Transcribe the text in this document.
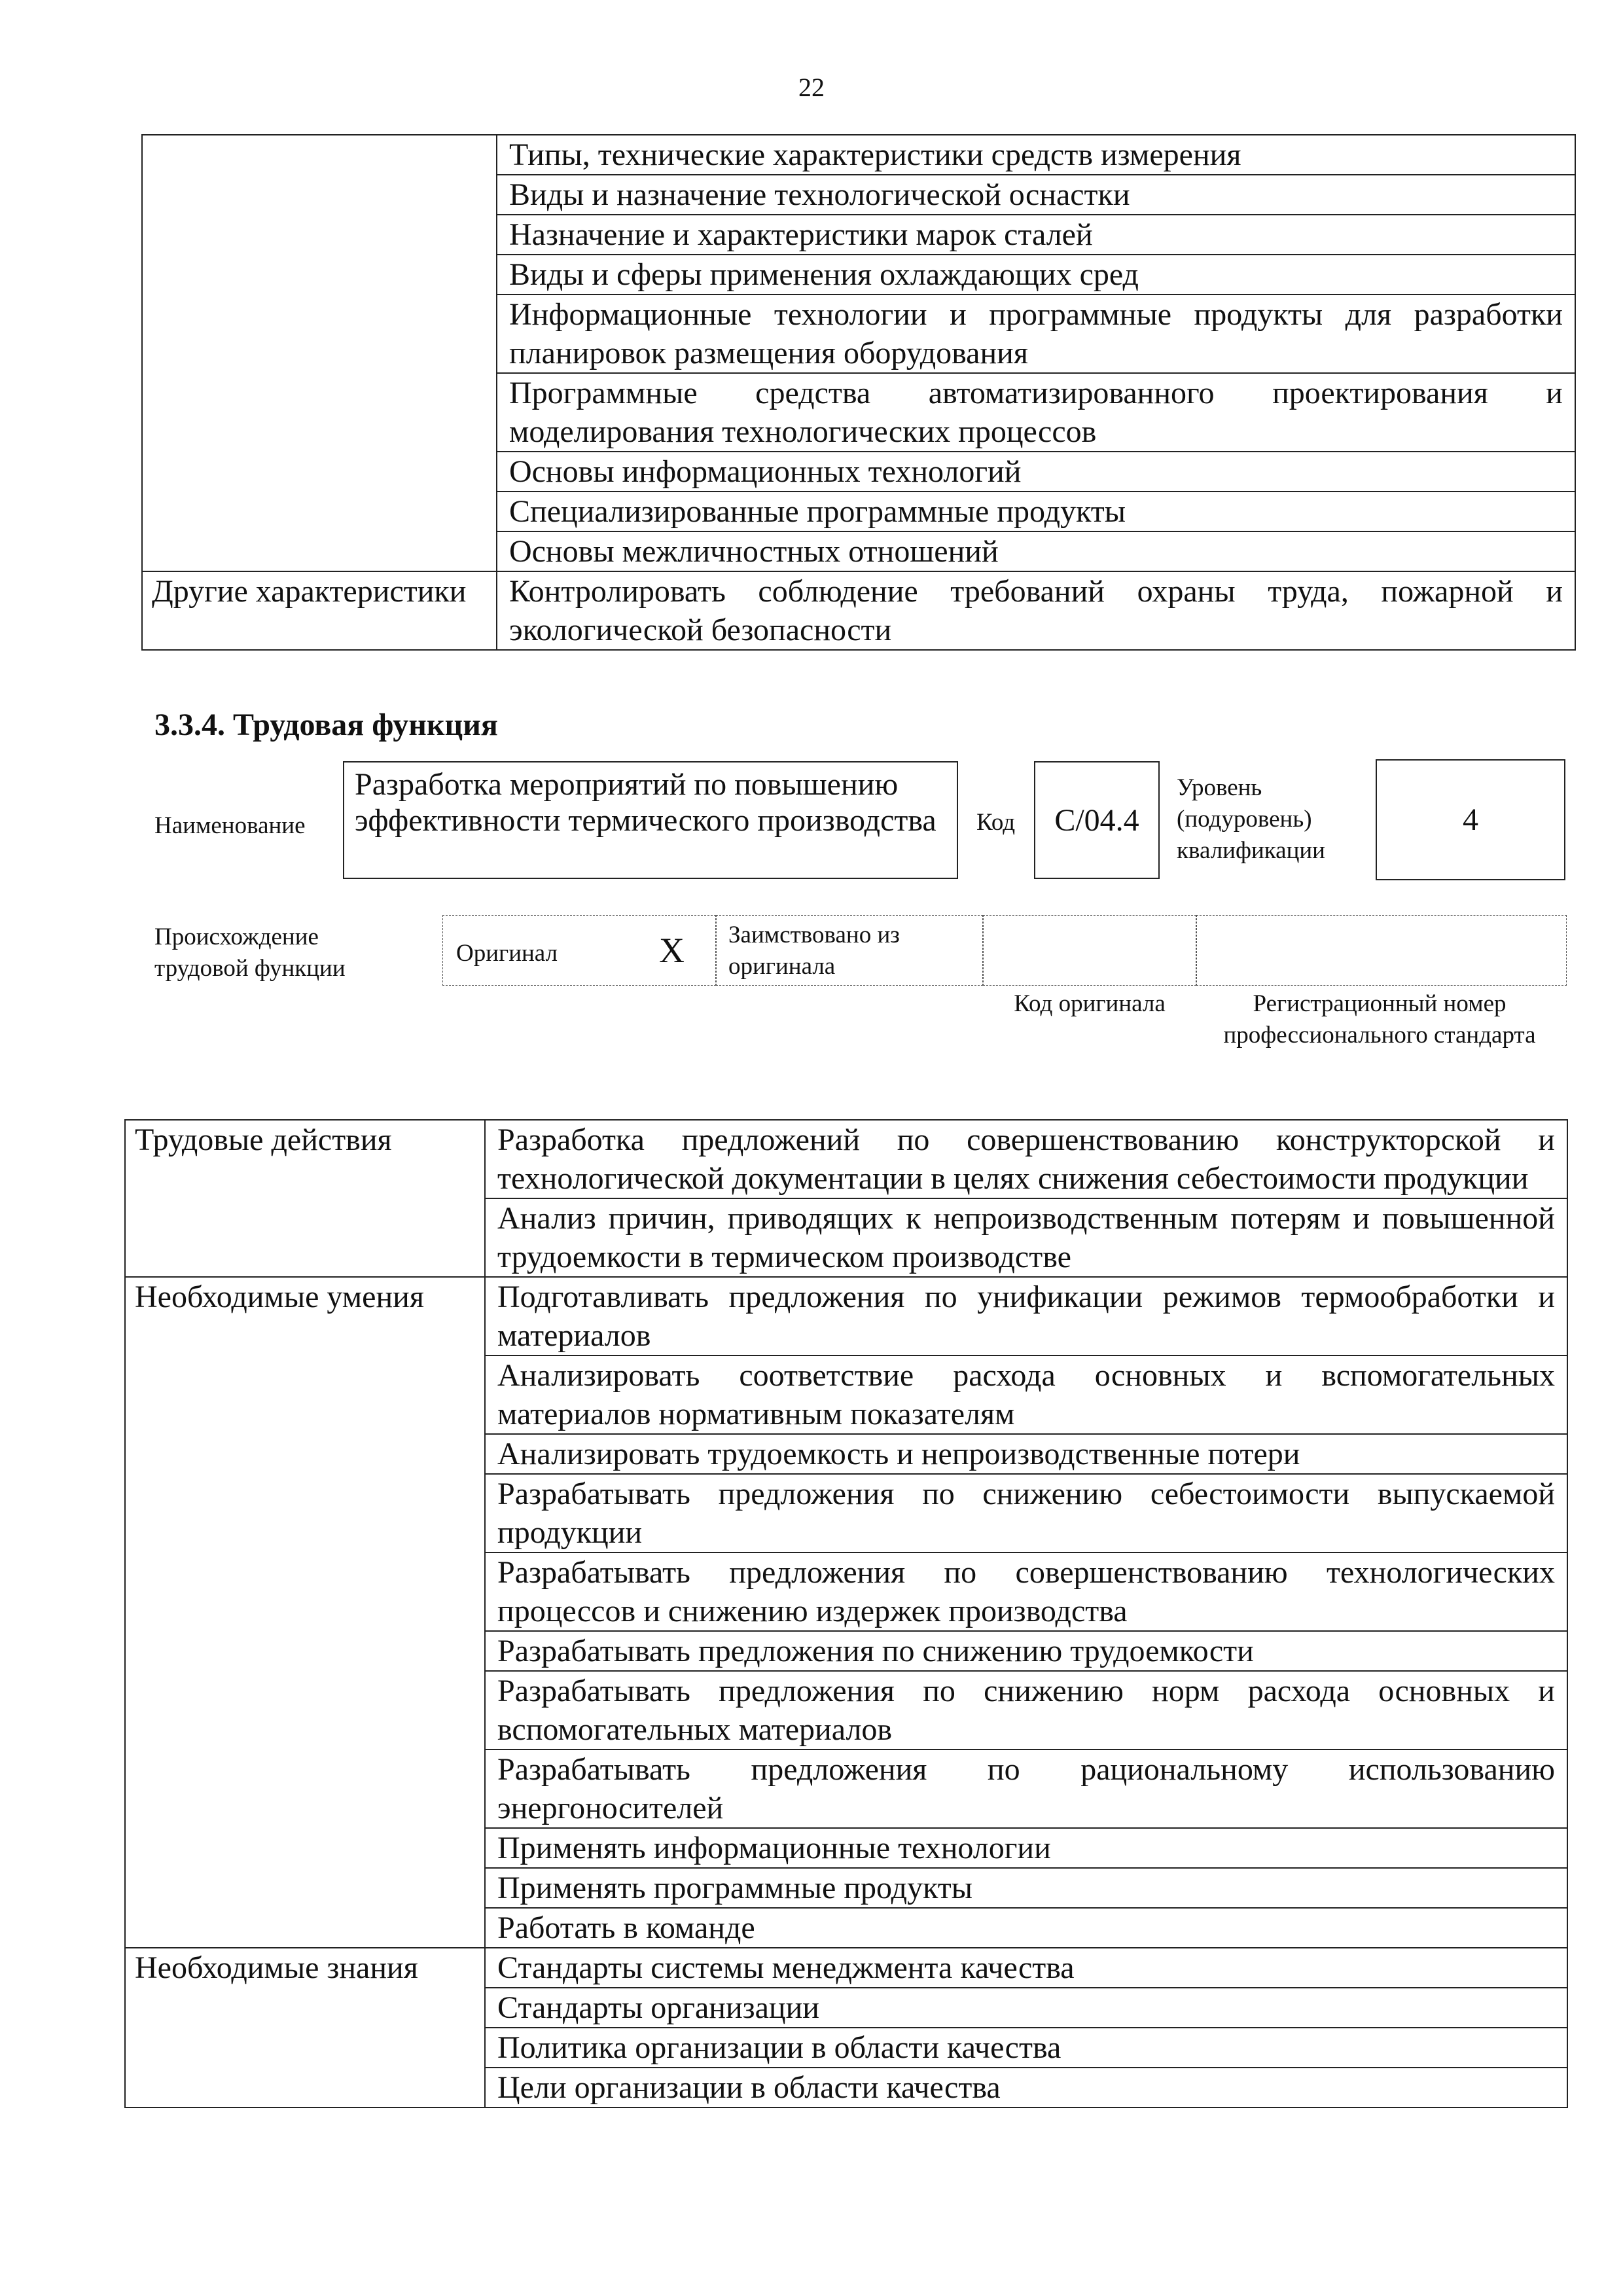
22
	Типы, технические характеристики средств измерения
	Виды и назначение технологической оснастки
	Назначение и характеристики марок сталей
	Виды и сферы применения охлаждающих сред
	Информационные технологии и программные продукты для разработки планировок размещения оборудования
	Программные средства автоматизированного проектирования и моделирования технологических процессов
	Основы информационных технологий
	Специализированные программные продукты
	Основы межличностных отношений
Другие характеристики	Контролировать соблюдение требований охраны труда, пожарной и экологической безопасности
3.3.4. Трудовая функция
Наименование
Разработка мероприятий по повышению эффективности термического производства	Код C/04.4
Уровень (подуровень) квалификации
4
Происхождение трудовой функции
Оригинал	X Заимствовано из оригинала
Код оригинала	Регистрационный номер профессионального стандарта
Трудовые действия	Разработка предложений по совершенствованию конструкторской и технологической документации в целях снижения себестоимости продукции
	Анализ причин, приводящих к непроизводственным потерям и повышенной трудоемкости в термическом производстве
Необходимые умения	Подготавливать предложения по унификации режимов термообработки и материалов
	Анализировать соответствие расхода основных и вспомогательных материалов нормативным показателям
	Анализировать трудоемкость и непроизводственные потери
	Разрабатывать предложения по снижению себестоимости выпускаемой продукции
	Разрабатывать предложения по совершенствованию технологических процессов и снижению издержек производства
	Разрабатывать предложения по снижению трудоемкости
	Разрабатывать предложения по снижению норм расхода основных и вспомогательных материалов
	Разрабатывать предложения по рациональному использованию энергоносителей
	Применять информационные технологии
	Применять программные продукты
	Работать в команде
Необходимые знания	Стандарты системы менеджмента качества
	Стандарты организации
	Политика организации в области качества
	Цели организации в области качества
